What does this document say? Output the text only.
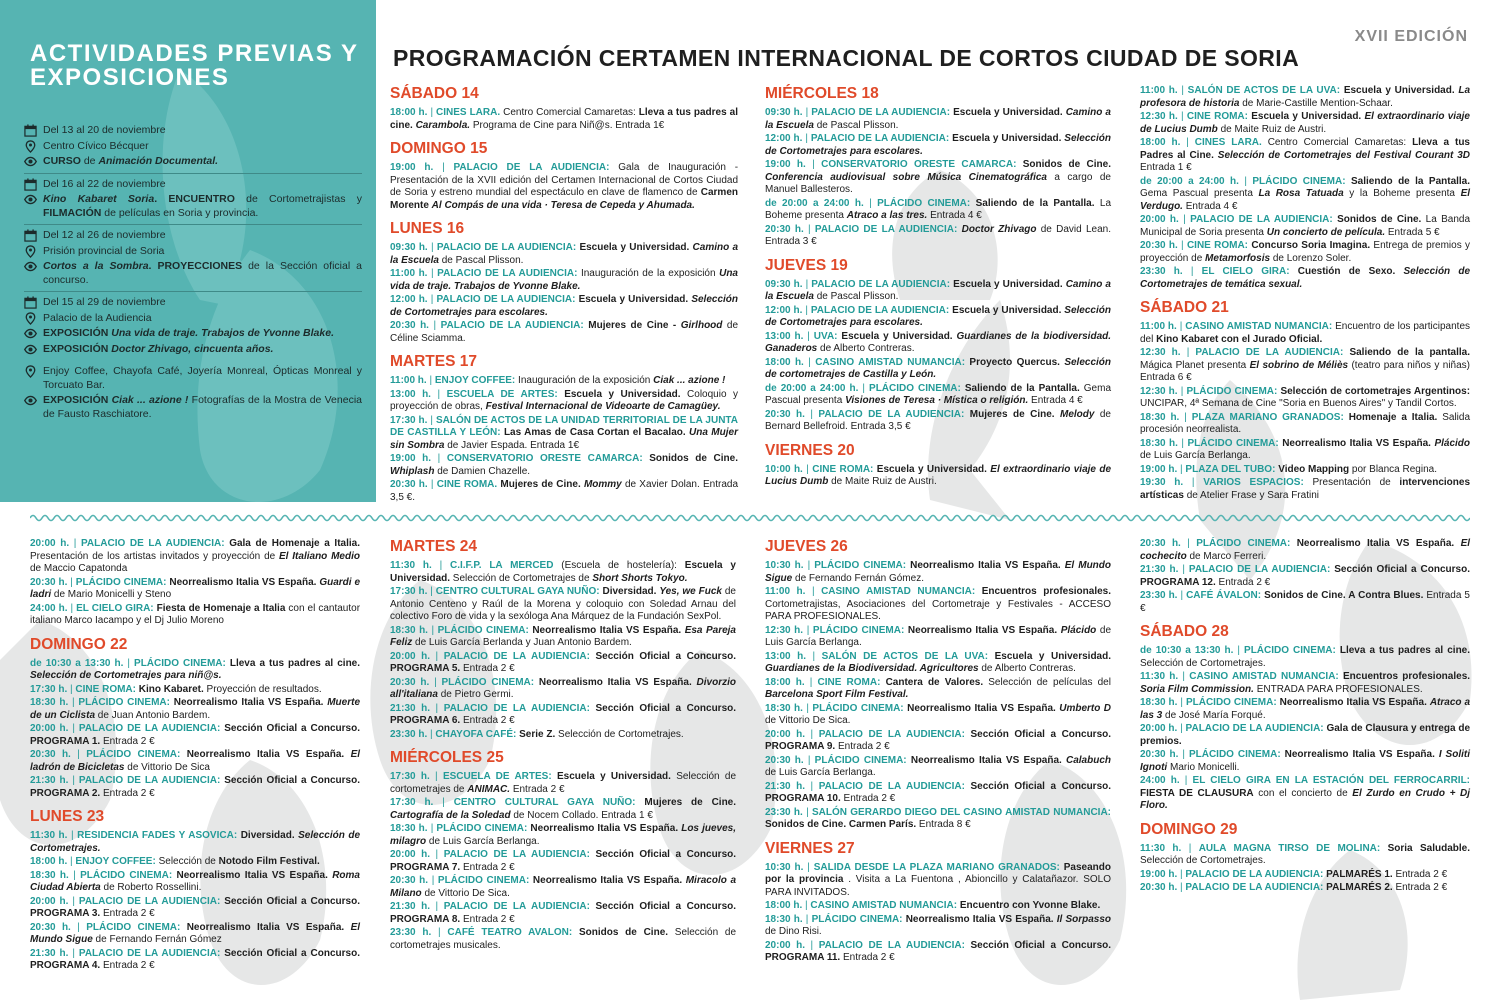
ACTIVIDADES PREVIAS Y EXPOSICIONES
Del 13 al 20 de noviembre
Centro Cívico Bécquer
CURSO de Animación Documental.
Del 16 al 22 de noviembre
Kino Kabaret Soria. ENCUENTRO de Cortometrajistas y FILMACIÓN de películas en Soria y provincia.
Del 12 al 26 de noviembre
Prisión provincial de Soria
Cortos a la Sombra. PROYECCIONES de la Sección oficial a concurso.
Del 15 al 29 de noviembre
Palacio de la Audiencia
EXPOSICIÓN Una vida de traje. Trabajos de Yvonne Blake.
EXPOSICIÓN Doctor Zhivago, cincuenta años.
Enjoy Coffee, Chayofa Café, Joyería Monreal, Ópticas Monreal y Torcuato Bar.
EXPOSICIÓN Ciak ... azione ! Fotografías de la Mostra de Venecia de Fausto Raschiatore.

XVII EDICIÓN

PROGRAMACIÓN CERTAMEN INTERNACIONAL DE CORTOS CIUDAD DE SORIA
SÁBADO 14

18:00 h. | CINES LARA. Centro Comercial Camaretas: Lleva a tus padres al cine. Carambola. Programa de Cine para Niñ@s. Entrada 1€

DOMINGO 15

19:00 h. | PALACIO DE LA AUDIENCIA: Gala de Inauguración - Presentación de la XVII edición del Certamen Internacional de Cortos Ciudad de Soria y estreno mundial del espectáculo en clave de flamenco de Carmen Morente Al Compás de una vida · Teresa de Cepeda y Ahumada.

LUNES 16

09:30 h. | PALACIO DE LA AUDIENCIA: Escuela y Universidad. Camino a la Escuela de Pascal Plisson.

11:00 h. | PALACIO DE LA AUDIENCIA: Inauguración de la exposición Una vida de traje. Trabajos de Yvonne Blake.

12:00 h. | PALACIO DE LA AUDIENCIA: Escuela y Universidad. Selección de Cortometrajes para escolares.

20:30 h. | PALACIO DE LA AUDIENCIA: Mujeres de Cine - Girlhood de Céline Sciamma.

MARTES 17

11:00 h. | ENJOY COFFEE: Inauguración de la exposición Ciak ... azione !

13:00 h. | ESCUELA DE ARTES: Escuela y Universidad. Coloquio y proyección de obras, Festival Internacional de Videoarte de Camagüey.

17:30 h. | SALÓN DE ACTOS DE LA UNIDAD TERRITORIAL DE LA JUNTA DE CASTILLA Y LEÓN: Las Amas de Casa Cortan el Bacalao. Una Mujer sin Sombra de Javier Espada. Entrada 1€

19:00 h. | CONSERVATORIO ORESTE CAMARCA: Sonidos de Cine. Whiplash de Damien Chazelle.

20:30 h. | CINE ROMA. Mujeres de Cine. Mommy de Xavier Dolan. Entrada 3,5 €.

MIÉRCOLES 18

09:30 h. | PALACIO DE LA AUDIENCIA: Escuela y Universidad. Camino a la Escuela de Pascal Plisson.

12:00 h. | PALACIO DE LA AUDIENCIA: Escuela y Universidad. Selección de Cortometrajes para escolares.

19:00 h. | CONSERVATORIO ORESTE CAMARCA: Sonidos de Cine. Conferencia audiovisual sobre Música Cinematográfica a cargo de Manuel Ballesteros.

de 20:00 a 24:00 h. | PLÁCIDO CINEMA: Saliendo de la Pantalla. La Boheme presenta Atraco a las tres. Entrada 4 €

20:30 h. | PALACIO DE LA AUDIENCIA: Doctor Zhivago de David Lean. Entrada 3 €

JUEVES 19

09:30 h. | PALACIO DE LA AUDIENCIA: Escuela y Universidad. Camino a la Escuela de Pascal Plisson.

12:00 h. | PALACIO DE LA AUDIENCIA: Escuela y Universidad. Selección de Cortometrajes para escolares.

13:00 h. | UVA: Escuela y Universidad. Guardianes de la biodiversidad. Ganaderos de Alberto Contreras.

18:00 h. | CASINO AMISTAD NUMANCIA: Proyecto Quercus. Selección de cortometrajes de Castilla y León.

de 20:00 a 24:00 h. | PLÁCIDO CINEMA: Saliendo de la Pantalla. Gema Pascual presenta Visiones de Teresa · Mística o religión. Entrada 4 €

20:30 h. | PALACIO DE LA AUDIENCIA: Mujeres de Cine. Melody de Bernard Bellefroid. Entrada 3,5 €

VIERNES 20

10:00 h. | CINE ROMA: Escuela y Universidad. El extraordinario viaje de Lucius Dumb de Maite Ruiz de Austri.

11:00 h. | SALÓN DE ACTOS DE LA UVA: Escuela y Universidad. La profesora de historia de Marie-Castille Mention-Schaar.

12:30 h. | CINE ROMA: Escuela y Universidad. El extraordinario viaje de Lucius Dumb de Maite Ruiz de Austri.

18:00 h. | CINES LARA. Centro Comercial Camaretas: Lleva a tus Padres al Cine. Selección de Cortometrajes del Festival Courant 3D Entrada 1 €

de 20:00 a 24:00 h. | PLÁCIDO CINEMA: Saliendo de la Pantalla. Gema Pascual presenta La Rosa Tatuada y la Boheme presenta El Verdugo. Entrada 4 €

20:00 h. | PALACIO DE LA AUDIENCIA: Sonidos de Cine. La Banda Municipal de Soria presenta Un concierto de película. Entrada 5 €

20:30 h. | CINE ROMA: Concurso Soria Imagina. Entrega de premios y proyección de Metamorfosis de Lorenzo Soler.

23:30 h. | EL CIELO GIRA: Cuestión de Sexo. Selección de Cortometrajes de temática sexual.

SÁBADO 21

11:00 h. | CASINO AMISTAD NUMANCIA: Encuentro de los participantes del Kino Kabaret con el Jurado Oficial.

12:30 h. | PALACIO DE LA AUDIENCIA: Saliendo de la pantalla. Mágica Planet presenta El sobrino de Méliès (teatro para niños y niñas) Entrada 6 €

12:30 h. | PLÁCIDO CINEMA: Selección de cortometrajes Argentinos: UNCIPAR, 4ª Semana de Cine "Soria en Buenos Aires" y Tandil Cortos.

18:30 h. | PLAZA MARIANO GRANADOS: Homenaje a Italia. Salida procesión neorrealista.

18:30 h. | PLÁCIDO CINEMA: Neorrealismo Italia VS España. Plácido de Luis García Berlanga.

19:00 h. | PLAZA DEL TUBO: Video Mapping por Blanca Regina.

19:30 h. | VARIOS ESPACIOS: Presentación de intervenciones artísticas de Atelier Frase y Sara Fratini

20:00 h. | PALACIO DE LA AUDIENCIA: Gala de Homenaje a Italia. Presentación de los artistas invitados y proyección de El Italiano Medio de Maccio Capatonda

20:30 h. | PLÁCIDO CINEMA: Neorrealismo Italia VS España. Guardi e ladri de Mario Monicelli y Steno

24:00 h. | EL CIELO GIRA: Fiesta de Homenaje a Italia con el cantautor italiano Marco Iacampo y el Dj Julio Moreno

DOMINGO 22

de 10:30 a 13:30 h. | PLÁCIDO CINEMA: Lleva a tus padres al cine. Selección de Cortometrajes para niñ@s.

17:30 h. | CINE ROMA: Kino Kabaret. Proyección de resultados.

18:30 h. | PLÁCIDO CINEMA: Neorrealismo Italia VS España. Muerte de un Ciclista de Juan Antonio Bardem.

20:00 h. | PALACIO DE LA AUDIENCIA: Sección Oficial a Concurso. PROGRAMA 1. Entrada 2 €

20:30 h. | PLÁCIDO CINEMA: Neorrealismo Italia VS España. El ladrón de Bicicletas de Vittorio De Sica

21:30 h. | PALACIO DE LA AUDIENCIA: Sección Oficial a Concurso. PROGRAMA 2. Entrada 2 €

LUNES 23

11:30 h. | RESIDENCIA FADES Y ASOVICA: Diversidad. Selección de Cortometrajes.

18:00 h. | ENJOY COFFEE: Selección de Notodo Film Festival.

18:30 h. | PLÁCIDO CINEMA: Neorrealismo Italia VS España. Roma Ciudad Abierta de Roberto Rossellini.

20:00 h. | PALACIO DE LA AUDIENCIA: Sección Oficial a Concurso. PROGRAMA 3. Entrada 2 €

20:30 h. | PLÁCIDO CINEMA: Neorrealismo Italia VS España. El Mundo Sigue de Fernando Fernán Gómez

21:30 h. | PALACIO DE LA AUDIENCIA: Sección Oficial a Concurso. PROGRAMA 4. Entrada 2 €

MARTES 24

11:30 h. | C.I.F.P. LA MERCED (Escuela de hostelería): Escuela y Universidad. Selección de Cortometrajes de Short Shorts Tokyo.

17:30 h. | CENTRO CULTURAL GAYA NUÑO: Diversidad. Yes, we Fuck de Antonio Centeno y Raúl de la Morena y coloquio con Soledad Arnau del colectivo Foro de vida y la sexóloga Ana Márquez de la Fundación SexPol.

18:30 h. | PLÁCIDO CINEMA: Neorrealismo Italia VS España. Esa Pareja Feliz de Luis García Berlanda y Juan Antonio Bardem.

20:00 h. | PALACIO DE LA AUDIENCIA: Sección Oficial a Concurso. PROGRAMA 5. Entrada 2 €

20:30 h. | PLÁCIDO CINEMA: Neorrealismo Italia VS España. Divorzio all'italiana de Pietro Germi.

21:30 h. | PALACIO DE LA AUDIENCIA: Sección Oficial a Concurso. PROGRAMA 6. Entrada 2 €

23:30 h. | CHAYOFA CAFÉ: Serie Z. Selección de Cortometrajes.

MIÉRCOLES 25

17:30 h. | ESCUELA DE ARTES: Escuela y Universidad. Selección de cortometrajes de ANIMAC. Entrada 2 €

17:30 h. | CENTRO CULTURAL GAYA NUÑO: Mujeres de Cine. Cartografía de la Soledad de Nocem Collado. Entrada 1 €

18:30 h. | PLÁCIDO CINEMA: Neorrealismo Italia VS España. Los jueves, milagro de Luis García Berlanga.

20:00 h. | PALACIO DE LA AUDIENCIA: Sección Oficial a Concurso. PROGRAMA 7. Entrada 2 €

20:30 h. | PLÁCIDO CINEMA: Neorrealismo Italia VS España. Miracolo a Milano de Vittorio De Sica.

21:30 h. | PALACIO DE LA AUDIENCIA: Sección Oficial a Concurso. PROGRAMA 8. Entrada 2 €

23:30 h. | CAFÉ TEATRO AVALON: Sonidos de Cine. Selección de cortometrajes musicales.

JUEVES 26

10:30 h. | PLÁCIDO CINEMA: Neorrealismo Italia VS España. El Mundo Sigue de Fernando Fernán Gómez.

11:00 h. | CASINO AMISTAD NUMANCIA: Encuentros profesionales. Cortometrajistas, Asociaciones del Cortometraje y Festivales - ACCESO PARA PROFESIONALES.

12:30 h. | PLÁCIDO CINEMA: Neorrealismo Italia VS España. Plácido de Luis García Berlanga.

13:00 h. | SALÓN DE ACTOS DE LA UVA: Escuela y Universidad. Guardianes de la Biodiversidad. Agricultores de Alberto Contreras.

18:00 h. | CINE ROMA: Cantera de Valores. Selección de películas del Barcelona Sport Film Festival.

18:30 h. | PLÁCIDO CINEMA: Neorrealismo Italia VS España. Umberto D de Vittorio De Sica.

20:00 h. | PALACIO DE LA AUDIENCIA: Sección Oficial a Concurso. PROGRAMA 9. Entrada 2 €

20:30 h. | PLÁCIDO CINEMA: Neorrealismo Italia VS España. Calabuch de Luis García Berlanga.

21:30 h. | PALACIO DE LA AUDIENCIA: Sección Oficial a Concurso. PROGRAMA 10. Entrada 2 €

23:30 h. | SALÓN GERARDO DIEGO DEL CASINO AMISTAD NUMANCIA: Sonidos de Cine. Carmen París. Entrada 8 €

VIERNES 27

10:30 h. | SALIDA DESDE LA PLAZA MARIANO GRANADOS: Paseando por la provincia . Visita a La Fuentona , Abioncillo y Calatañazor. SOLO PARA INVITADOS.

18:00 h. | CASINO AMISTAD NUMANCIA: Encuentro con Yvonne Blake.

18:30 h. | PLÁCIDO CINEMA: Neorrealismo Italia VS España. Il Sorpasso de Dino Risi.

20:00 h. | PALACIO DE LA AUDIENCIA: Sección Oficial a Concurso. PROGRAMA 11. Entrada 2 €

20:30 h. | PLÁCIDO CINEMA: Neorrealismo Italia VS España. El cochecito de Marco Ferreri.

21:30 h. | PALACIO DE LA AUDIENCIA: Sección Oficial a Concurso. PROGRAMA 12. Entrada 2 €

23:30 h. | CAFÉ ÁVALON: Sonidos de Cine. A Contra Blues. Entrada 5 €

SÁBADO 28

de 10:30 a 13:30 h. | PLÁCIDO CINEMA: Lleva a tus padres al cine. Selección de Cortometrajes.

11:30 h. | CASINO AMISTAD NUMANCIA: Encuentros profesionales. Soria Film Commission. ENTRADA PARA PROFESIONALES.

18:30 h. | PLÁCIDO CINEMA: Neorrealismo Italia VS España. Atraco a las 3 de José María Forqué.

20:00 h. | PALACIO DE LA AUDIENCIA: Gala de Clausura y entrega de premios.

20:30 h. | PLÁCIDO CINEMA: Neorrealismo Italia VS España. I Soliti Ignoti Mario Monicelli.

24:00 h. | EL CIELO GIRA EN LA ESTACIÓN DEL FERROCARRIL: FIESTA DE CLAUSURA con el concierto de El Zurdo en Crudo + Dj Floro.

DOMINGO 29

11:30 h. | AULA MAGNA TIRSO DE MOLINA: Soria Saludable. Selección de Cortometrajes.

19:00 h. | PALACIO DE LA AUDIENCIA: PALMARÉS 1. Entrada 2 €

20:30 h. | PALACIO DE LA AUDIENCIA: PALMARÉS 2. Entrada 2 €
